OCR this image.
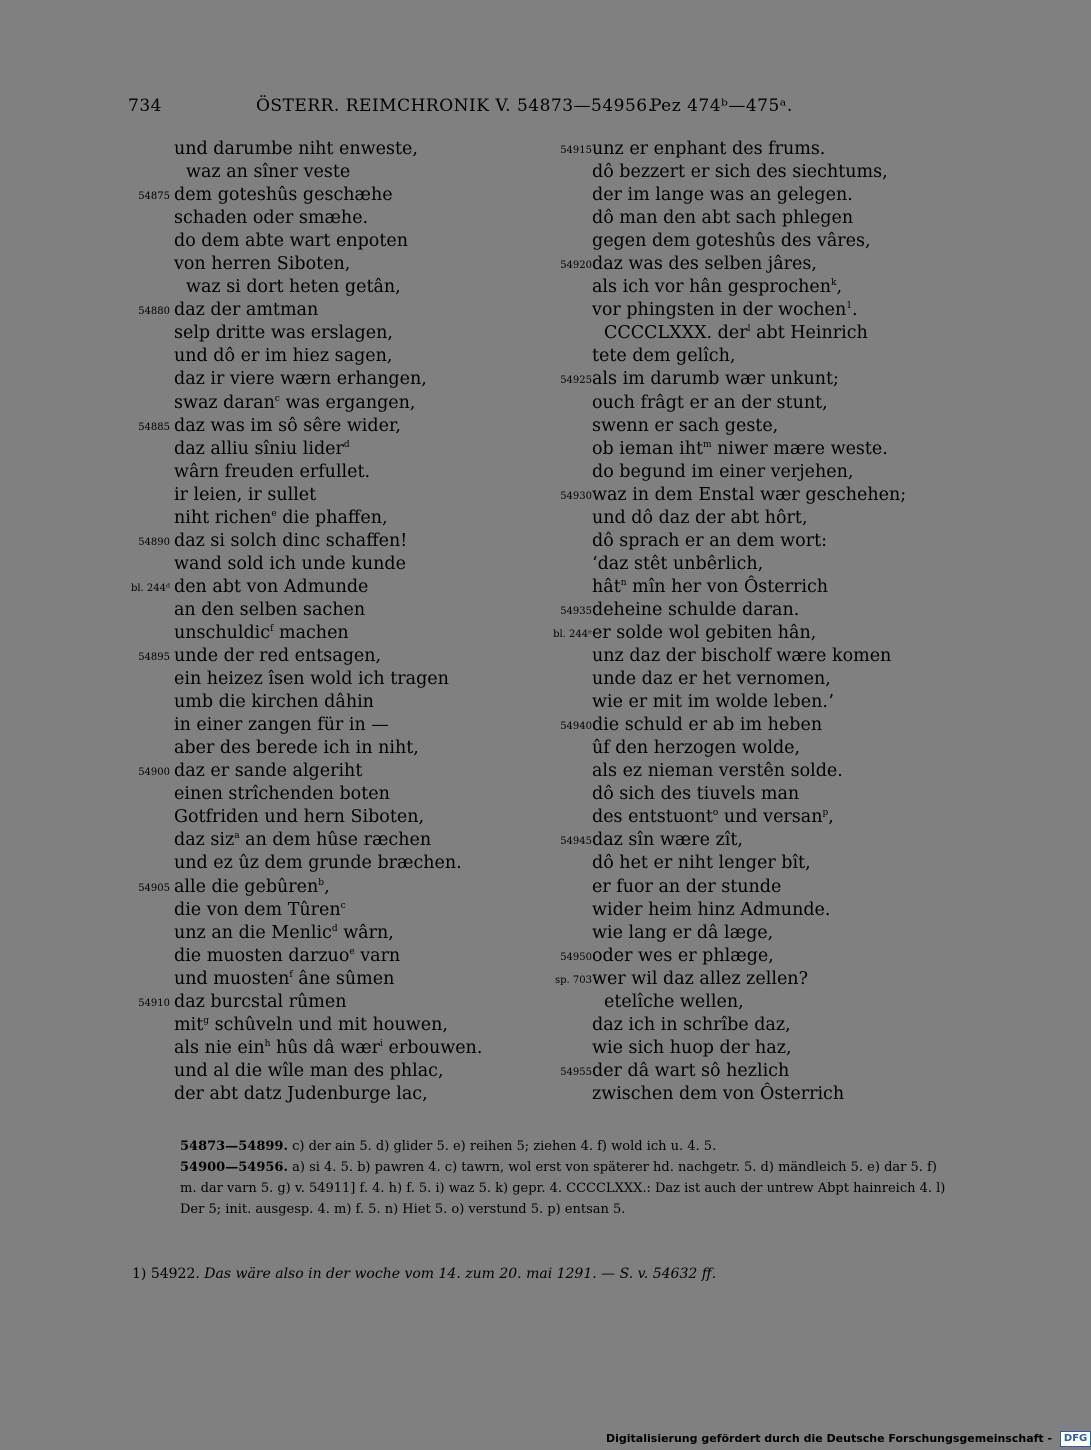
734	ÖSTERR. REIMCHRONIK V. 54873—54956.
Pez 474ᵇ—475ᵃ.
und darumbe niht enweste,
waz an sîner veste
54875 dem goteshûs geschæhe
schaden oder smæhe.
do dem abte wart enpoten
von herren Siboten,
waz si dort heten getân,
54880 daz der amtman
selp dritte was erslagen,
und dô er im hiez sagen,
daz ir viere wærn erhangen,
swaz daran$^c$ was ergangen,
54885 daz was im sô sêre wider,
daz alliu sîniu lider$^d$
wârn freuden erfullet.
ir leien, ir sullet
niht richen$^e$ die phaffen,
54890 daz si solch dinc schaffen!
wand sold ich unde kunde
bl. 244ᵈ den abt von Admunde
an den selben sachen
unschuldic$^f$ machen
54895 unde der red entsagen,
ein heizez îsen wold ich tragen
umb die kirchen dâhin
in einer zangen für in —
aber des berede ich in niht,
54900 daz er sande algeriht
einen strîchenden boten
Gotfriden und hern Siboten,
daz siz$^a$ an dem hûse ræchen
und ez ûz dem grunde bræchen.
54905 alle die gebûren$^b$,
die von dem Tûren$^c$
unz an die Menlic$^d$ wârn,
die muosten darzuo$^e$ varn
und muosten$^f$ âne sûmen
54910 daz burcstal rûmen
mit$^g$ schûveln und mit houwen,
als nie ein$^h$ hûs dâ wær$^i$ erbouwen.
und al die wîle man des phlac,
der abt datz Judenburge lac,
54915 unz er enphant des frums.
dô bezzert er sich des siechtums,
der im lange was an gelegen.
dô man den abt sach phlegen
gegen dem goteshûs des vâres,
54920 daz was des selben jâres,
als ich vor hân gesprochen$^k$,
vor phingsten in der wochen$^1$.
CCCCLXXX. der$^l$ abt Heinrich
tete dem gelîch,
54925 als im darumb wær unkunt;
ouch frâgt er an der stunt,
swenn er sach geste,
ob ieman iht$^m$ niwer mære weste.
do begund im einer verjehen,
54930 waz in dem Enstal wær geschehen;
und dô daz der abt hôrt,
dô sprach er an dem wort:
ʻdaz stêt unbêrlich,
hât$^n$ mîn her von Ôsterrich
54935 deheine schulde daran.
bl. 244ᵉ er solde wol gebiten hân,
unz daz der bischolf wære komen
unde daz er het vernomen,
wie er mit im wolde leben.ʼ
54940 die schuld er ab im heben
ûf den herzogen wolde,
als ez nieman verstên solde.
dô sich des tiuvels man
des entstuont$^o$ und versan$^p$,
54945 daz sîn wære zît,
dô het er niht lenger bît,
er fuor an der stunde
wider heim hinz Admunde.
wie lang er dâ læge,
54950 oder wes er phlæge,
sp. 703 wer wil daz allez zellen?
etelîche wellen,
daz ich in schrîbe daz,
wie sich huop der haz,
54955 der dâ wart sô hezlich
zwischen dem von Ôsterrich
54873—54899. c) der ain 5. d) glider 5. e) reihen 5; ziehen 4. f) wold ich u. 4. 5.
54900—54956. a) si 4. 5. b) pawren 4. c) tawrn, wol erst von späterer hd. nachgetr. 5. d) mändleich 5. e) dar 5. f) m. dar varn 5. g) v. 54911] f. 4. h) f. 5. i) waz 5. k) gepr. 4. CCCCLXXX.: Daz ist auch der untrew Abpt hainreich 4. l) Der 5; init. ausgesp. 4. m) f. 5. n) Hiet 5. o) verstund 5. p) entsan 5.
1) 54922. Das wäre also in der woche vom 14. zum 20. mai 1291. — S. v. 54632 ff.
Digitalisierung gefördert durch die Deutsche Forschungsgemeinschaft - DFG
